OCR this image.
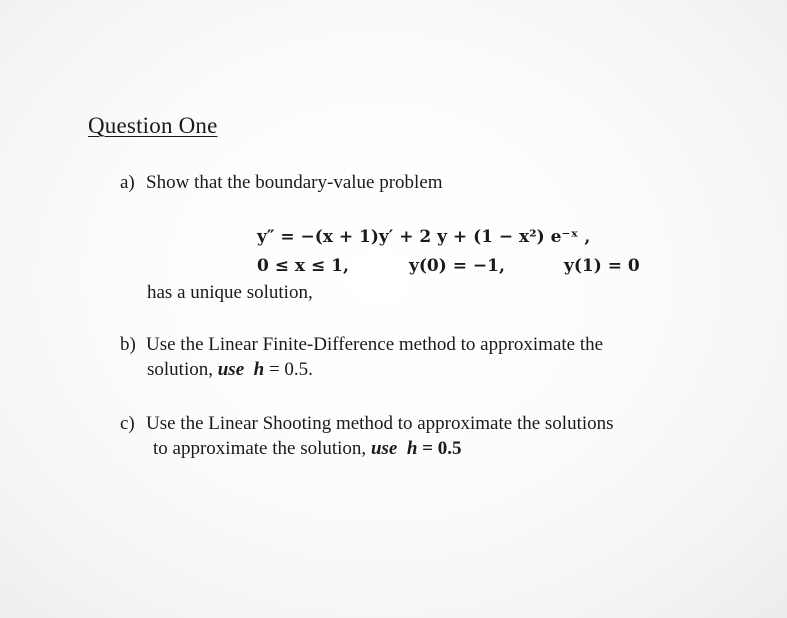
Question One
a) Show that the boundary-value problem
y″ = −(x + 1)y′ + 2 y + (1 − x²) e⁻ˣ ,
0 ≤ x ≤ 1,	y(0) = −1,	y(1) = 0
has a unique solution,
b) Use the Linear Finite-Difference method to approximate the
solution, use h = 0.5.
c) Use the Linear Shooting method to approximate the solutions
to approximate the solution, use h = 0.5
